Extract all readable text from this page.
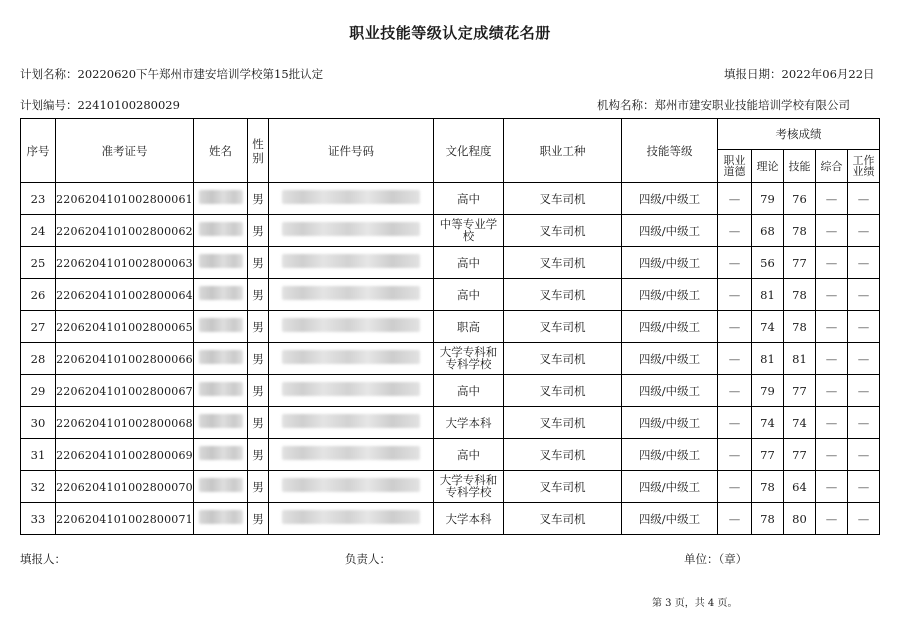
职业技能等级认定成绩花名册
计划名称：20220620下午郑州市建安培训学校第15批认定	填报日期：2022年06月22日
计划编号：22410100280029	机构名称：郑州市建安职业技能培训学校有限公司
序号	准考证号	姓名	性别	证件号码	文化程度	职业工种	技能等级	考核成绩				
								职业道德	理论	技能	综合	工作业绩
23	2206204101002800061		男		高中	叉车司机	四级/中级工	—	79	76	—	—
24	2206204101002800062		男		中等专业学校	叉车司机	四级/中级工	—	68	78	—	—
25	2206204101002800063		男		高中	叉车司机	四级/中级工	—	56	77	—	—
26	2206204101002800064		男		高中	叉车司机	四级/中级工	—	81	78	—	—
27	2206204101002800065		男		职高	叉车司机	四级/中级工	—	74	78	—	—
28	2206204101002800066		男		大学专科和专科学校	叉车司机	四级/中级工	—	81	81	—	—
29	2206204101002800067		男		高中	叉车司机	四级/中级工	—	79	77	—	—
30	2206204101002800068		男		大学本科	叉车司机	四级/中级工	—	74	74	—	—
31	2206204101002800069		男		高中	叉车司机	四级/中级工	—	77	77	—	—
32	2206204101002800070		男		大学专科和专科学校	叉车司机	四级/中级工	—	78	64	—	—
33	2206204101002800071		男		大学本科	叉车司机	四级/中级工	—	78	80	—	—
填报人：	负责人：	单位：（章）
第 3 页，共 4 页。
